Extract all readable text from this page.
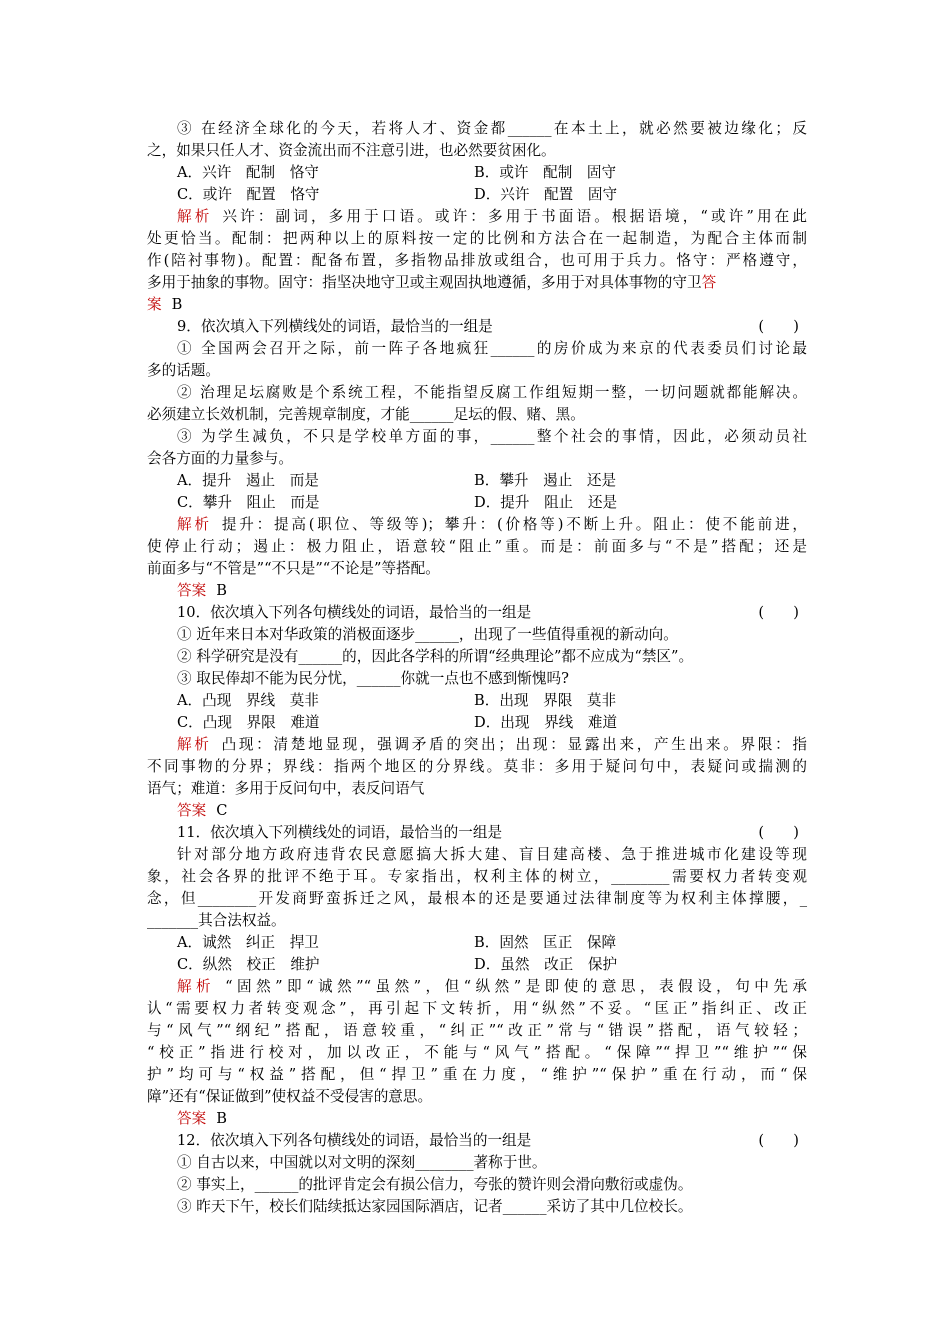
③ 在经济全球化的今天，若将人才、资金都______在本土上，就必然要被边缘化；反
之，如果只任人才、资金流出而不注意引进，也必然要贫困化。
A．兴许　配制　恪守	B．或许　配制　固守
C．或许　配置　恪守	D．兴许　配置　固守
解析 兴许：副词，多用于口语。或许：多用于书面语。根据语境，“或许”用在此
处更恰当。配制：把两种以上的原料按一定的比例和方法合在一起制造，为配合主体而制
作(陪衬事物)。配置：配备布置，多指物品排放或组合，也可用于兵力。恪守：严格遵守，
多用于抽象的事物。固守：指坚决地守卫或主观固执地遵循，多用于对具体事物的守卫答
案 B
9．依次填入下列横线处的词语，最恰当的一组是	(　　)
① 全国两会召开之际，前一阵子各地疯狂______的房价成为来京的代表委员们讨论最
多的话题。
② 治理足坛腐败是个系统工程，不能指望反腐工作组短期一整，一切问题就都能解决。
必须建立长效机制，完善规章制度，才能______足坛的假、赌、黑。
③ 为学生减负，不只是学校单方面的事，______整个社会的事情，因此，必须动员社
会各方面的力量参与。
A．提升　遏止　而是	B．攀升　遏止　还是
C．攀升　阻止　而是	D．提升　阻止　还是
解析 提升：提高(职位、等级等)；攀升：(价格等)不断上升。阻止：使不能前进，
使停止行动；遏止：极力阻止，语意较“阻止”重。而是：前面多与“不是”搭配；还是
前面多与“不管是”“不只是”“不论是”等搭配。
答案 B
10．依次填入下列各句横线处的词语，最恰当的一组是	(　　)
① 近年来日本对华政策的消极面逐步______，出现了一些值得重视的新动向。
② 科学研究是没有______的，因此各学科的所谓“经典理论”都不应成为“禁区”。
③ 取民俸却不能为民分忧，______你就一点也不感到惭愧吗?
A．凸现　界线　莫非	B．出现　界限　莫非
C．凸现　界限　难道	D．出现　界线　难道
解析 凸现：清楚地显现，强调矛盾的突出；出现：显露出来，产生出来。界限：指
不同事物的分界；界线：指两个地区的分界线。莫非：多用于疑问句中，表疑问或揣测的
语气；难道：多用于反问句中，表反问语气
答案 C
11．依次填入下列横线处的词语，最恰当的一组是	(　　)
针对部分地方政府违背农民意愿搞大拆大建、盲目建高楼、急于推进城市化建设等现
象，社会各界的批评不绝于耳。专家指出，权利主体的树立，________需要权力者转变观
念，但________开发商野蛮拆迁之风，最根本的还是要通过法律制度等为权利主体撑腰，_
_______其合法权益。
A．诚然　纠正　捍卫	B．固然　匡正　保障
C．纵然　校正　维护	D．虽然　改正　保护
解析 “固然”即“诚然”“虽然”，但“纵然”是即使的意思，表假设，句中先承
认“需要权力者转变观念”，再引起下文转折，用“纵然”不妥。“匡正”指纠正、改正
与“风气”“纲纪”搭配，语意较重，“纠正”“改正”常与“错误”搭配，语气较轻；
“校正”指进行校对，加以改正，不能与“风气”搭配。“保障”“捍卫”“维护”“保
护”均可与“权益”搭配，但“捍卫”重在力度，“维护”“保护”重在行动，而“保
障”还有“保证做到”使权益不受侵害的意思。
答案 B
12．依次填入下列各句横线处的词语，最恰当的一组是	(　　)
① 自古以来，中国就以对文明的深刻________著称于世。
② 事实上，______的批评肯定会有损公信力，夸张的赞许则会滑向敷衍或虚伪。
③ 昨天下午，校长们陆续抵达家园国际酒店，记者______采访了其中几位校长。
